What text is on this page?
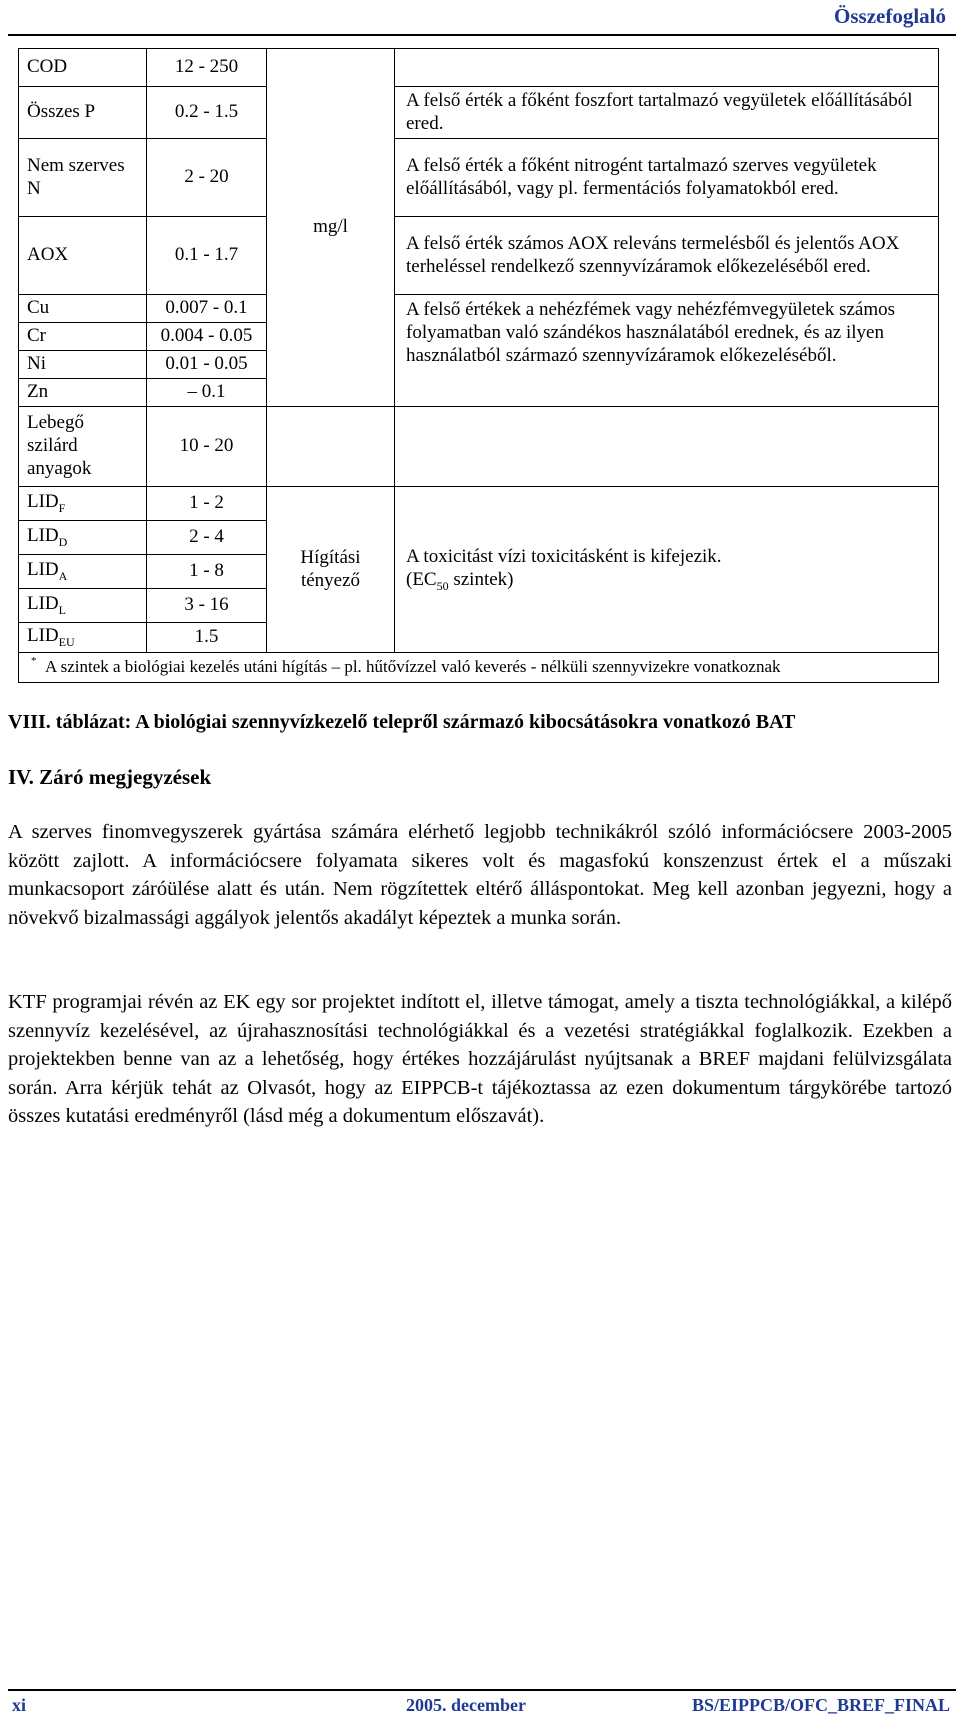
Összefoglaló
COD	12 - 250	mg/l	
Összes P	0.2 - 1.5		A felső érték a főként foszfort tartalmazó vegyületek előállításából ered.
Nem szerves N	2 - 20		A felső érték a főként nitrogént tartalmazó szerves vegyületek előállításából, vagy pl. fermentációs folyamatokból ered.
AOX	0.1 - 1.7		A felső érték számos AOX releváns termelésből és jelentős AOX terheléssel rendelkező szennyvízáramok előkezeléséből ered.
Cu	0.007 - 0.1		A felső értékek a nehézfémek vagy nehézfémvegyületek számos folyamatban való szándékos használatából erednek, és az ilyen használatból származó szennyvízáramok előkezeléséből.
Cr	0.004 - 0.05		
Ni	0.01 - 0.05		
Zn	– 0.1		
Lebegő szilárd anyagok	10 - 20		
$LID_F$	1 - 2	Hígítási tényező	A toxicitást vízi toxicitásként is kifejezik.
($EC_{50}$ szintek)

$LID_D$	2 - 4		
$LID_A$	1 - 8		
$LID_L$	3 - 16		
$LID_{EU}$	1.5		

* A szintek a biológiai kezelés utáni hígítás – pl. hűtővízzel való keverés - nélküli szennyvizekre vonatkoznak			
VIII. táblázat: A biológiai szennyvízkezelő telepről származó kibocsátásokra vonatkozó BAT
IV. Záró megjegyzések

A szerves finomvegyszerek gyártása számára elérhető legjobb technikákról szóló információcsere 2003-2005 között zajlott. A információcsere folyamata sikeres volt és magasfokú konszenzust értek el a műszaki munkacsoport záróülése alatt és után. Nem rögzítettek eltérő álláspontokat. Meg kell azonban jegyezni, hogy a növekvő bizalmassági aggályok jelentős akadályt képeztek a munka során.

KTF programjai révén az EK egy sor projektet indított el, illetve támogat, amely a tiszta technológiákkal, a kilépő szennyvíz kezelésével, az újrahasznosítási technológiákkal és a vezetési stratégiákkal foglalkozik. Ezekben a projektekben benne van az a lehetőség, hogy értékes hozzájárulást nyújtsanak a BREF majdani felülvizsgálata során. Arra kérjük tehát az Olvasót, hogy az EIPPCB-t tájékoztassa az ezen dokumentum tárgykörébe tartozó összes kutatási eredményről (lásd még a dokumentum előszavát).

xi	2005. december	BS/EIPPCB/OFC_BREF_FINAL
